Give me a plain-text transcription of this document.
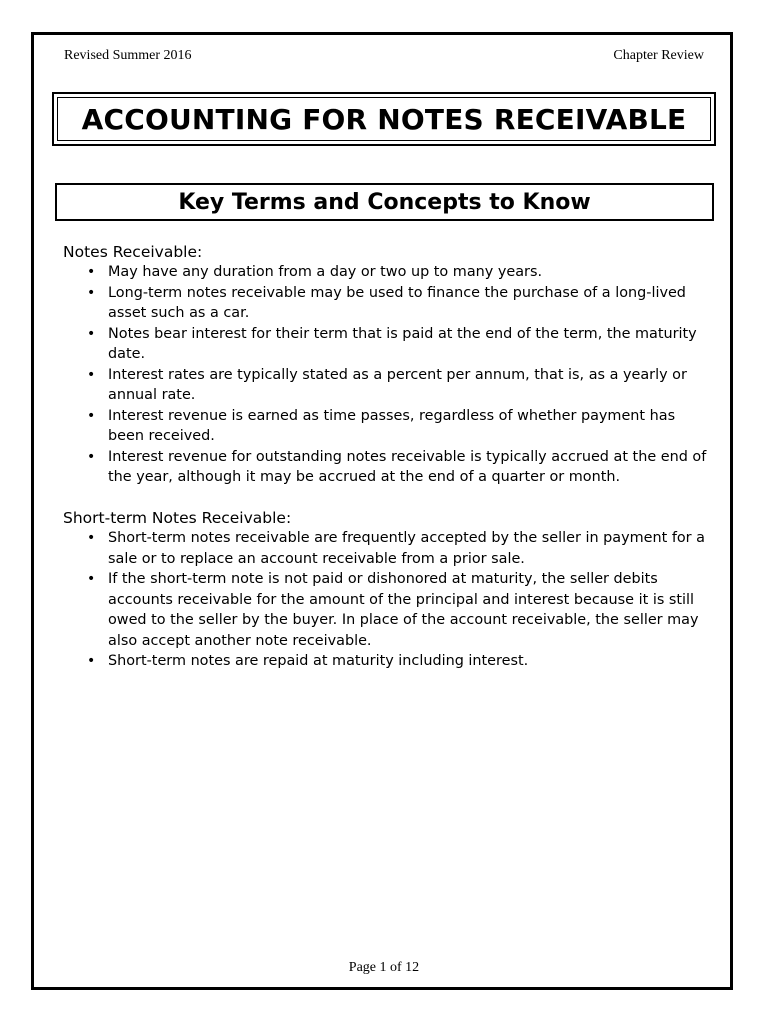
Revised Summer 2016	Chapter Review
ACCOUNTING FOR NOTES RECEIVABLE
Key Terms and Concepts to Know

Notes Receivable:

• May have any duration from a day or two up to many years.
• Long-term notes receivable may be used to finance the purchase of a long-lived asset such as a car.
• Notes bear interest for their term that is paid at the end of the term, the maturity date.
• Interest rates are typically stated as a percent per annum, that is, as a yearly or annual rate.
• Interest revenue is earned as time passes, regardless of whether payment has been received.
• Interest revenue for outstanding notes receivable is typically accrued at the end of the year, although it may be accrued at the end of a quarter or month.

Short-term Notes Receivable:

• Short-term notes receivable are frequently accepted by the seller in payment for a sale or to replace an account receivable from a prior sale.
• If the short-term note is not paid or dishonored at maturity, the seller debits accounts receivable for the amount of the principal and interest because it is still owed to the seller by the buyer. In place of the account receivable, the seller may also accept another note receivable.
• Short-term notes are repaid at maturity including interest.
Page 1 of 12
